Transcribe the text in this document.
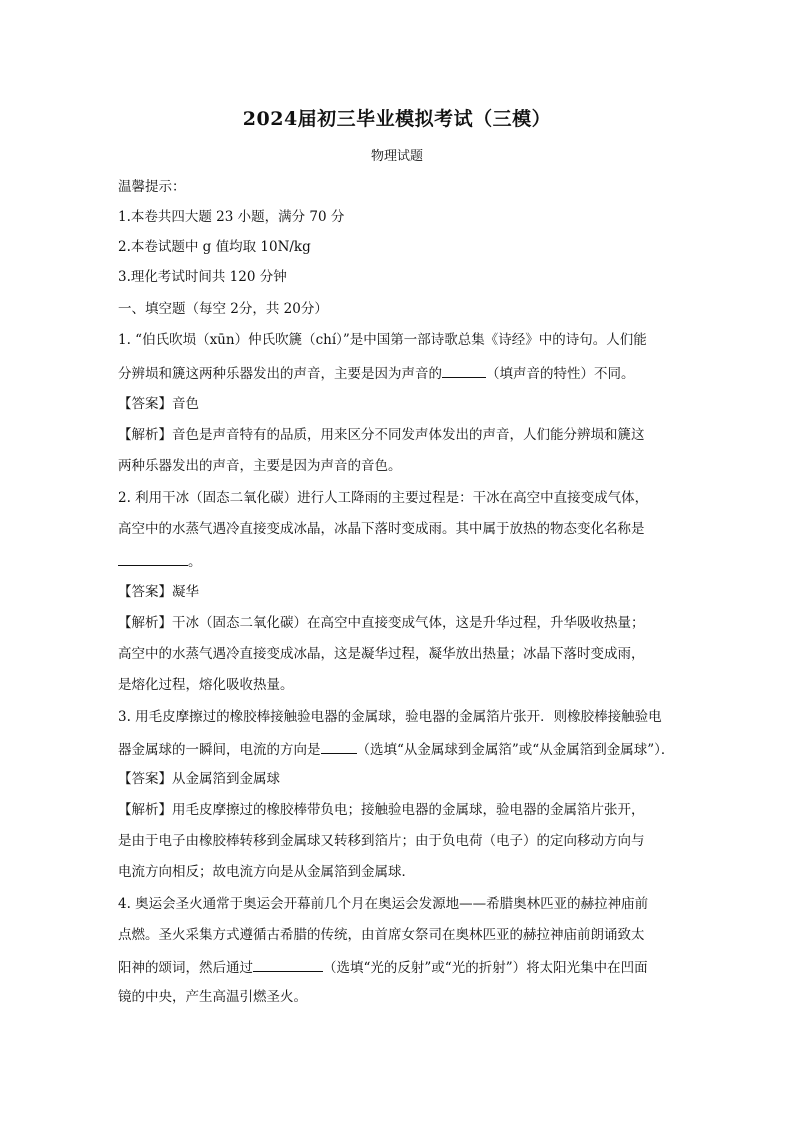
2024届初三毕业模拟考试（三模）
物理试题
温馨提示：
1.本卷共四大题 23 小题，满分 70 分
2.本卷试题中 g 值均取 10N/kg
3.理化考试时间共 120 分钟
一、填空题（每空 2分，共 20分）
1. “伯氏吹埙（xūn）仲氏吹篪（chí）”是中国第一部诗歌总集《诗经》中的诗句。人们能
分辨埙和篪这两种乐器发出的声音，主要是因为声音的	（填声音的特性）不同。
【答案】音色
【解析】音色是声音特有的品质，用来区分不同发声体发出的声音，人们能分辨埙和篪这
两种乐器发出的声音，主要是因为声音的音色。
2. 利用干冰（固态二氧化碳）进行人工降雨的主要过程是：干冰在高空中直接变成气体，
高空中的水蒸气遇冷直接变成冰晶，冰晶下落时变成雨。其中属于放热的物态变化名称是
。
【答案】凝华
【解析】干冰（固态二氧化碳）在高空中直接变成气体，这是升华过程，升华吸收热量；
高空中的水蒸气遇冷直接变成冰晶，这是凝华过程，凝华放出热量；冰晶下落时变成雨，
是熔化过程，熔化吸收热量。
3. 用毛皮摩擦过的橡胶棒接触验电器的金属球，验电器的金属箔片张开．则橡胶棒接触验电
器金属球的一瞬间，电流的方向是	（选填“从金属球到金属箔”或“从金属箔到金属球”）．
【答案】从金属箔到金属球
【解析】用毛皮摩擦过的橡胶棒带负电；接触验电器的金属球，验电器的金属箔片张开，
是由于电子由橡胶棒转移到金属球又转移到箔片；由于负电荷（电子）的定向移动方向与
电流方向相反；故电流方向是从金属箔到金属球．
4. 奥运会圣火通常于奥运会开幕前几个月在奥运会发源地——希腊奥林匹亚的赫拉神庙前
点燃。圣火采集方式遵循古希腊的传统，由首席女祭司在奥林匹亚的赫拉神庙前朗诵致太
阳神的颂词，然后通过	（选填“光的反射”或“光的折射”）将太阳光集中在凹面
镜的中央，产生高温引燃圣火。
